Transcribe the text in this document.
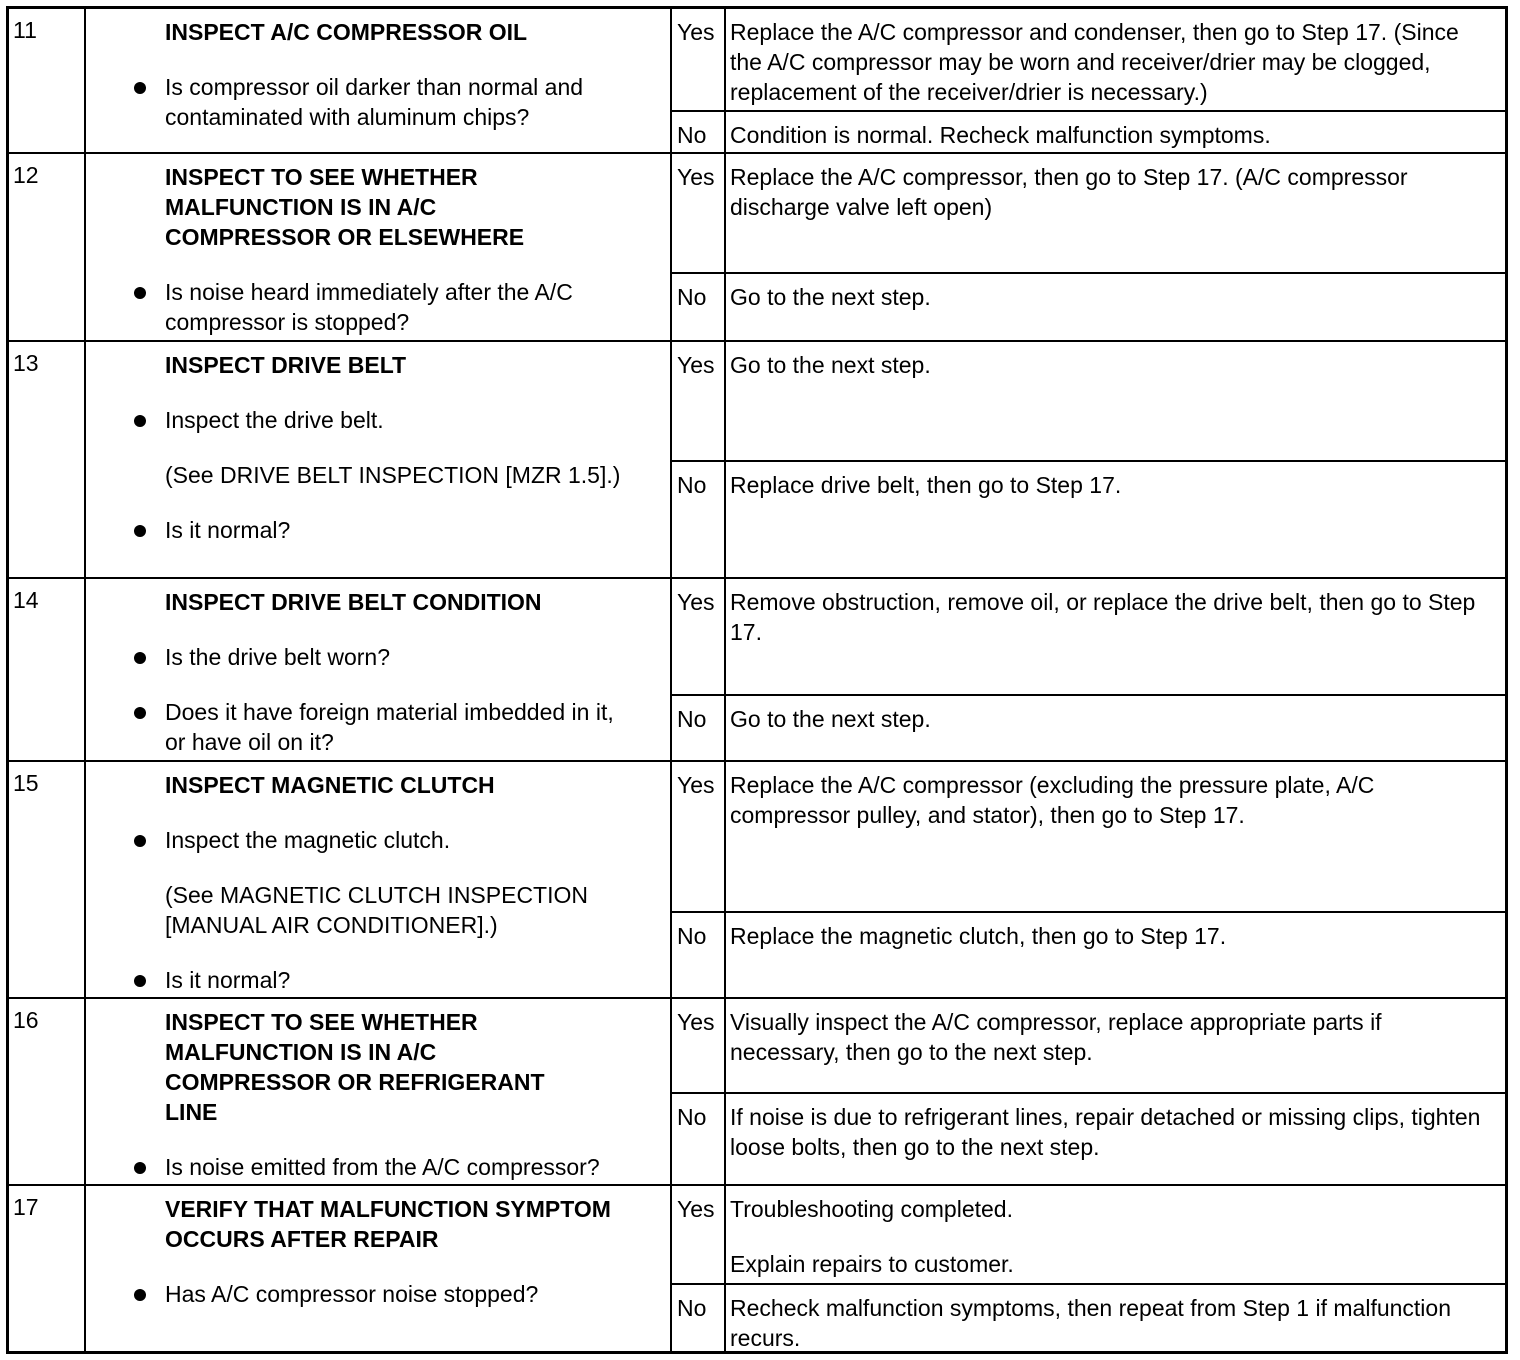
11	INSPECT A/C COMPRESSOR OIL
Is compressor oil darker than normal and contaminated with aluminum chips?
Yes Replace the A/C compressor and condenser, then go to Step 17. (Since the A/C compressor may be worn and receiver/drier may be clogged, replacement of the receiver/drier is necessary.)
No Condition is normal. Recheck malfunction symptoms.
12	INSPECT TO SEE WHETHER MALFUNCTION IS IN A/C COMPRESSOR OR ELSEWHERE
Is noise heard immediately after the A/C compressor is stopped?
Yes Replace the A/C compressor, then go to Step 17. (A/C compressor discharge valve left open)
No Go to the next step.
13	INSPECT DRIVE BELT
Inspect the drive belt.
(See DRIVE BELT INSPECTION [MZR 1.5].)
Is it normal?
Yes Go to the next step.
No Replace drive belt, then go to Step 17.
14	INSPECT DRIVE BELT CONDITION
Is the drive belt worn?
Does it have foreign material imbedded in it, or have oil on it?
Yes Remove obstruction, remove oil, or replace the drive belt, then go to Step 17.
No Go to the next step.
15	INSPECT MAGNETIC CLUTCH
Inspect the magnetic clutch.
(See MAGNETIC CLUTCH INSPECTION [MANUAL AIR CONDITIONER].)
Is it normal?
Yes Replace the A/C compressor (excluding the pressure plate, A/C compressor pulley, and stator), then go to Step 17.
No Replace the magnetic clutch, then go to Step 17.
16	INSPECT TO SEE WHETHER MALFUNCTION IS IN A/C COMPRESSOR OR REFRIGERANT LINE
Is noise emitted from the A/C compressor?
Yes Visually inspect the A/C compressor, replace appropriate parts if necessary, then go to the next step.
No If noise is due to refrigerant lines, repair detached or missing clips, tighten loose bolts, then go to the next step.
17	VERIFY THAT MALFUNCTION SYMPTOM OCCURS AFTER REPAIR
Has A/C compressor noise stopped?
Yes Troubleshooting completed.
Explain repairs to customer.
No Recheck malfunction symptoms, then repeat from Step 1 if malfunction recurs.
